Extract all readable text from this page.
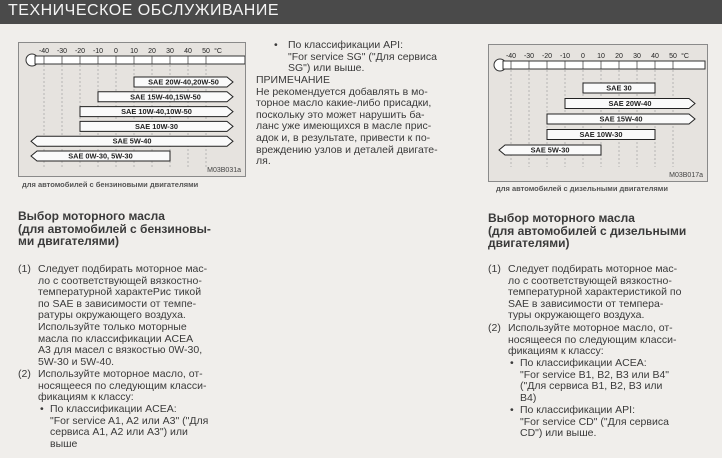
ТЕХНИЧЕСКОЕ ОБСЛУЖИВАНИЕ
-40 -30 -20 -10 0 10 20 30 40 50 °C
SAE 20W-40,20W-50
SAE 15W-40,15W-50
SAE 10W-40,10W-50
SAE 10W-30
SAE 5W-40
SAE 0W-30, 5W-30
M03B031a
для автомобилей с бензиновыми двигателями
-40 -30 -20 -10 0 10 20 30 40 50 °C
SAE 30
SAE 20W-40
SAE 15W-40
SAE 10W-30
SAE 5W-30
M03B017a
для автомобилей с дизельными двигателями
Выбор моторного масла
(для автомобилей с бензиновы-
ми двигателями)
(1) Следует подбирать моторное мас-
ло с соответствующей вязкостно-
температурной характеРис тикой
по SAE в зависимости от темпе-
ратуры окружающего воздуха.
Используйте только моторные
масла по классификации ACEA
А3 для масел с вязкостью 0W-30,
5W-30 и 5W-40.
(2) Используйте моторное масло, от-
носящееся по следующим класси-
фикациям к классу:
• По классификации ACEA:
"For service A1, A2 или A3" ("Для
сервиса A1, A2 или A3") или
выше
• По классификации API:
"For service SG" ("Для сервиса
SG") или выше.
ПРИМЕЧАНИЕ
Не рекомендуется добавлять в мо-
торное масло какие-либо присадки,
поскольку это может нарушить ба-
ланс уже имеющихся в масле прис-
адок и, в результате, привести к по-
вреждению узлов и деталей двигате-
ля.
Выбор моторного масла
(для автомобилей с дизельными
двигателями)
(1) Следует подбирать моторное мас-
ло с соответствующей вязкостно-
температурной характеристикой по
SAE в зависимости от темпера-
туры окружающего воздуха.
(2) Используйте моторное масло, от-
носящееся по следующим класси-
фикациям к классу:
• По классификации ACEA:
"For service B1, B2, B3 или B4"
("Для сервиса B1, B2, B3 или
B4)
• По классификации API:
"For service CD" ("Для сервиса
CD") или выше.
